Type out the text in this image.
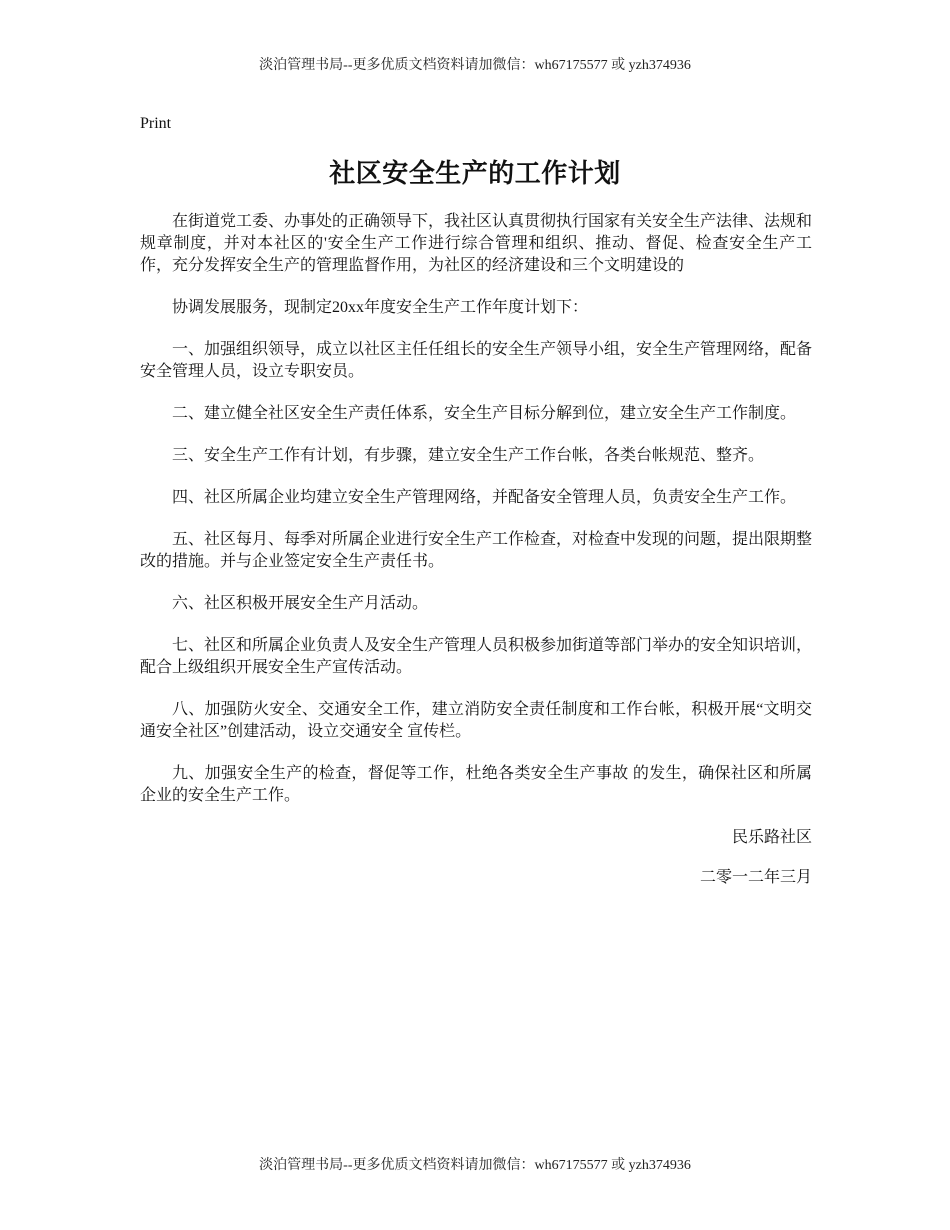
淡泊管理书局--更多优质文档资料请加微信：wh67175577 或 yzh374936
Print
社区安全生产的工作计划

在街道党工委、办事处的正确领导下，我社区认真贯彻执行国家有关安全生产法律、法规和规章制度，并对本社区的'安全生产工作进行综合管理和组织、推动、督促、检查安全生产工作，充分发挥安全生产的管理监督作用，为社区的经济建设和三个文明建设的

协调发展服务，现制定20xx年度安全生产工作年度计划下：

一、加强组织领导，成立以社区主任任组长的安全生产领导小组，安全生产管理网络，配备安全管理人员，设立专职安员。

二、建立健全社区安全生产责任体系，安全生产目标分解到位，建立安全生产工作制度。

三、安全生产工作有计划，有步骤，建立安全生产工作台帐，各类台帐规范、整齐。

四、社区所属企业均建立安全生产管理网络，并配备安全管理人员，负责安全生产工作。

五、社区每月、每季对所属企业进行安全生产工作检查，对检查中发现的问题，提出限期整改的措施。并与企业签定安全生产责任书。

六、社区积极开展安全生产月活动。

七、社区和所属企业负责人及安全生产管理人员积极参加街道等部门举办的安全知识培训，配合上级组织开展安全生产宣传活动。

八、加强防火安全、交通安全工作，建立消防安全责任制度和工作台帐，积极开展“文明交通安全社区”创建活动，设立交通安全 宣传栏。

九、加强安全生产的检查，督促等工作，杜绝各类安全生产事故 的发生，确保社区和所属企业的安全生产工作。

民乐路社区

二零一二年三月

淡泊管理书局--更多优质文档资料请加微信：wh67175577 或 yzh374936
